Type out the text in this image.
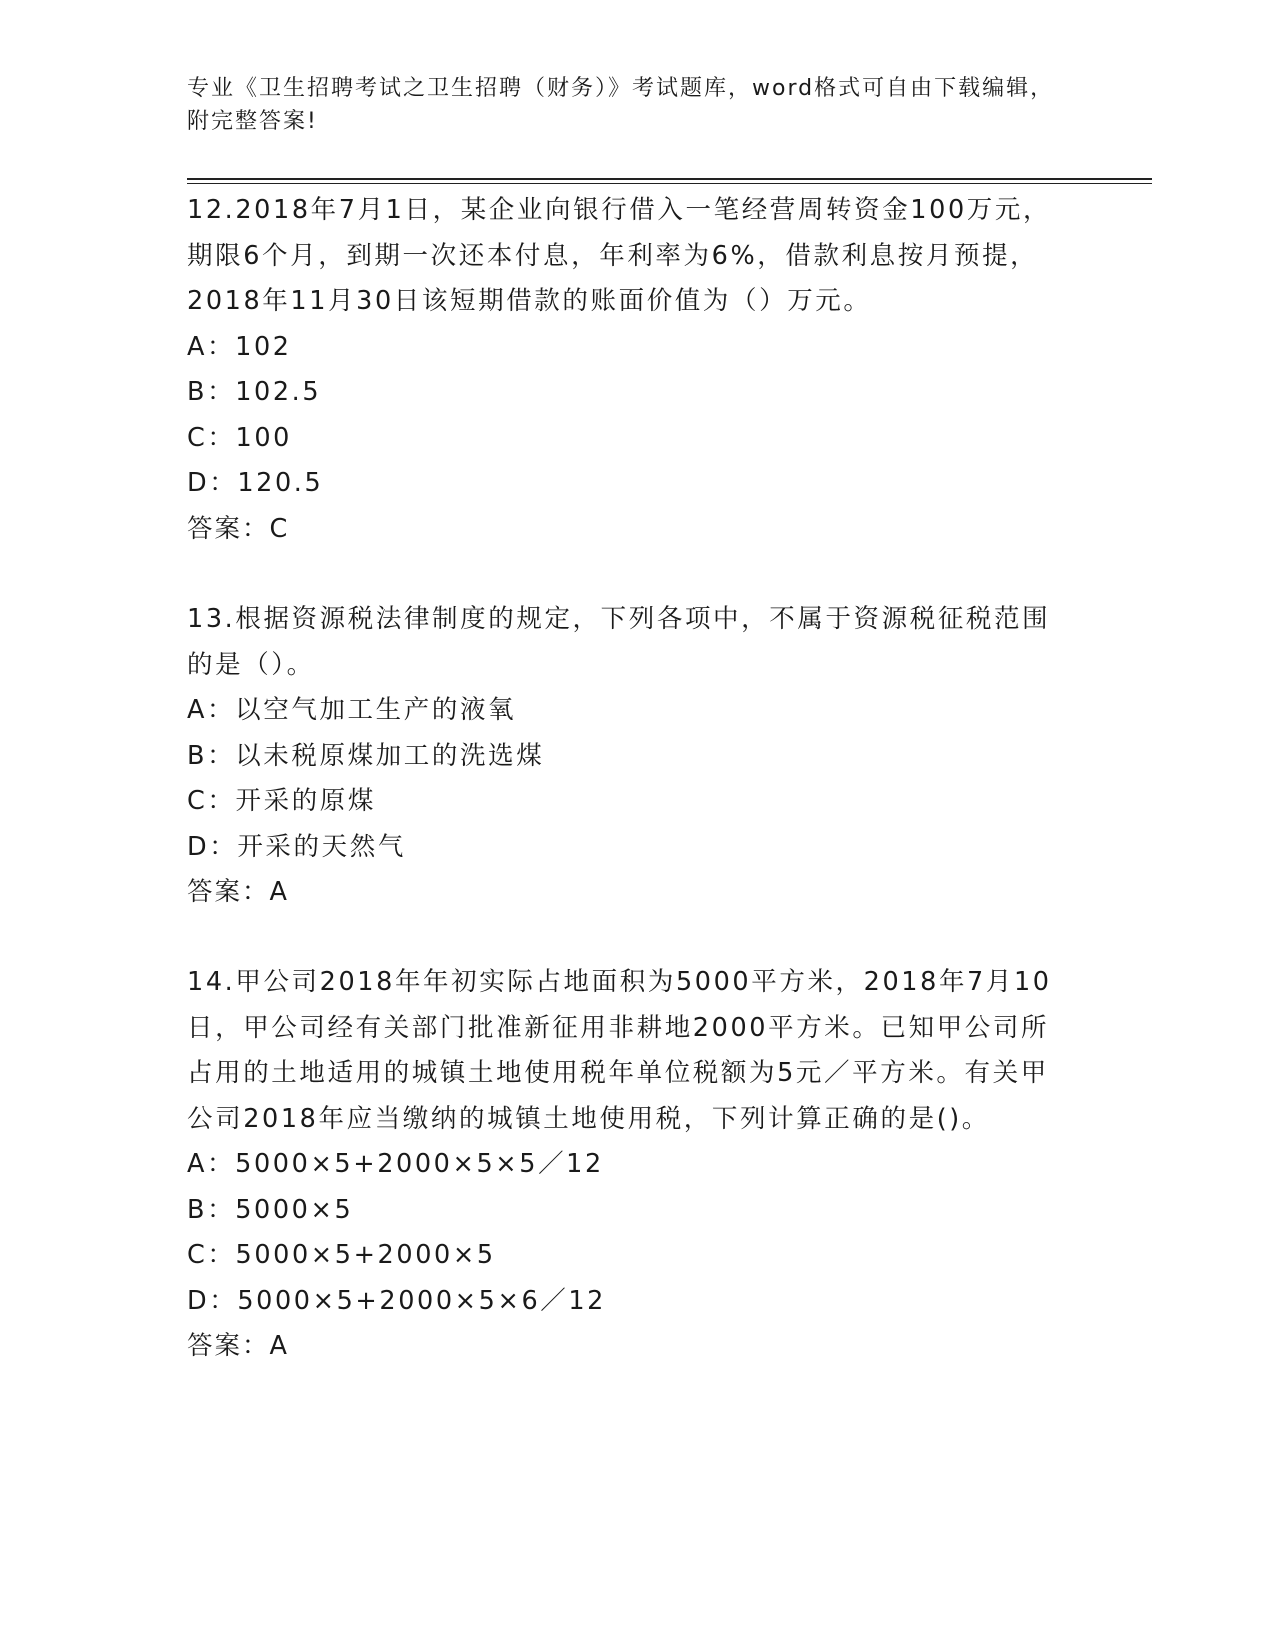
专业《卫生招聘考试之卫生招聘（财务）》考试题库，word格式可自由下载编辑，附完整答案!
12.2018年7月1日，某企业向银行借入一笔经营周转资金100万元，期限6个月，到期一次还本付息，年利率为6%，借款利息按月预提，2018年11月30日该短期借款的账面价值为（）万元。
A：102
B：102.5
C：100
D：120.5
答案：C
13.根据资源税法律制度的规定，下列各项中，不属于资源税征税范围的是（）。
A：以空气加工生产的液氧
B：以未税原煤加工的洗选煤
C：开采的原煤
D：开采的天然气
答案：A
14.甲公司2018年年初实际占地面积为5000平方米，2018年7月10日，甲公司经有关部门批准新征用非耕地2000平方米。已知甲公司所占用的土地适用的城镇土地使用税年单位税额为5元／平方米。有关甲公司2018年应当缴纳的城镇土地使用税，下列计算正确的是()。
A：5000×5+2000×5×5／12
B：5000×5
C：5000×5+2000×5
D：5000×5+2000×5×6／12
答案：A
